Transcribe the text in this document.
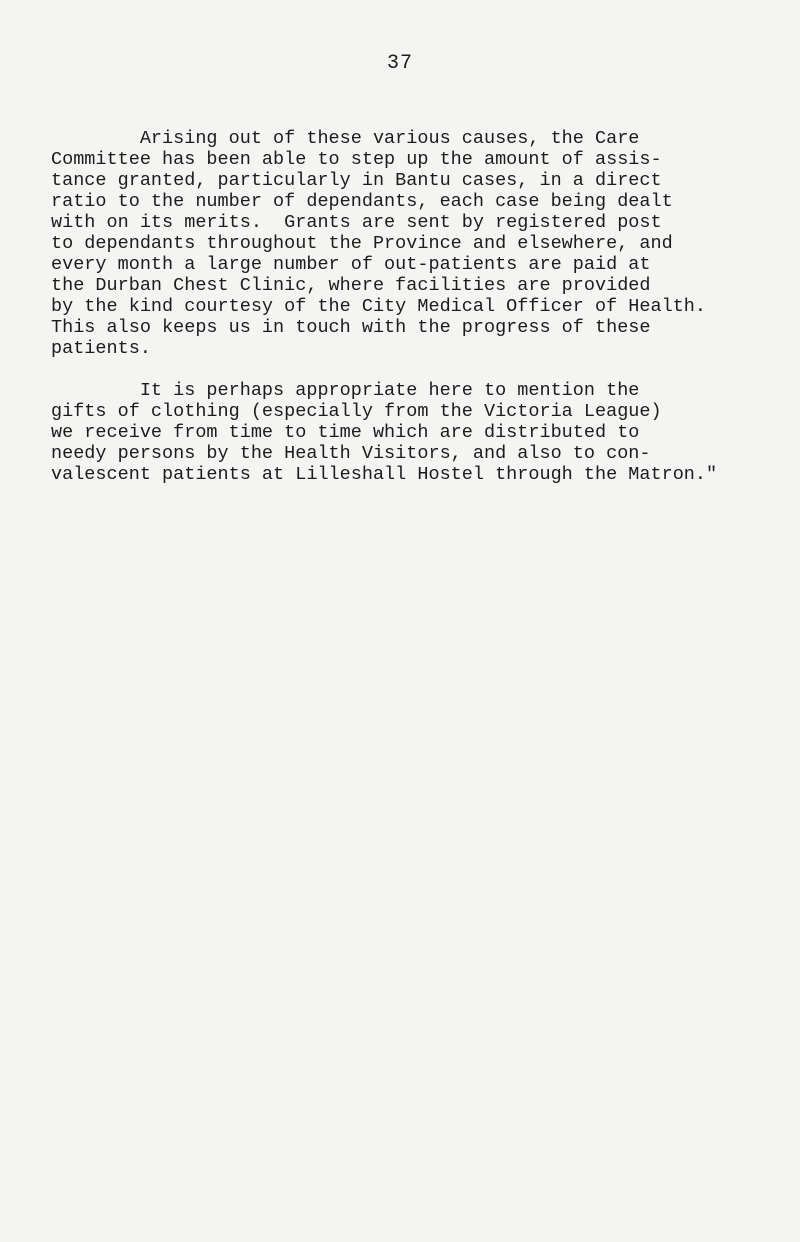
37

Arising out of these various causes, the Care

Committee has been able to step up the amount of assis-

tance granted, particularly in Bantu cases, in a direct

ratio to the number of dependants, each case being dealt

with on its merits.  Grants are sent by registered post

to dependants throughout the Province and elsewhere, and

every month a large number of out-patients are paid at

the Durban Chest Clinic, where facilities are provided

by the kind courtesy of the City Medical Officer of Health.

This also keeps us in touch with the progress of these

patients.

It is perhaps appropriate here to mention the

gifts of clothing (especially from the Victoria League)

we receive from time to time which are distributed to

needy persons by the Health Visitors, and also to con-

valescent patients at Lilleshall Hostel through the Matron."
